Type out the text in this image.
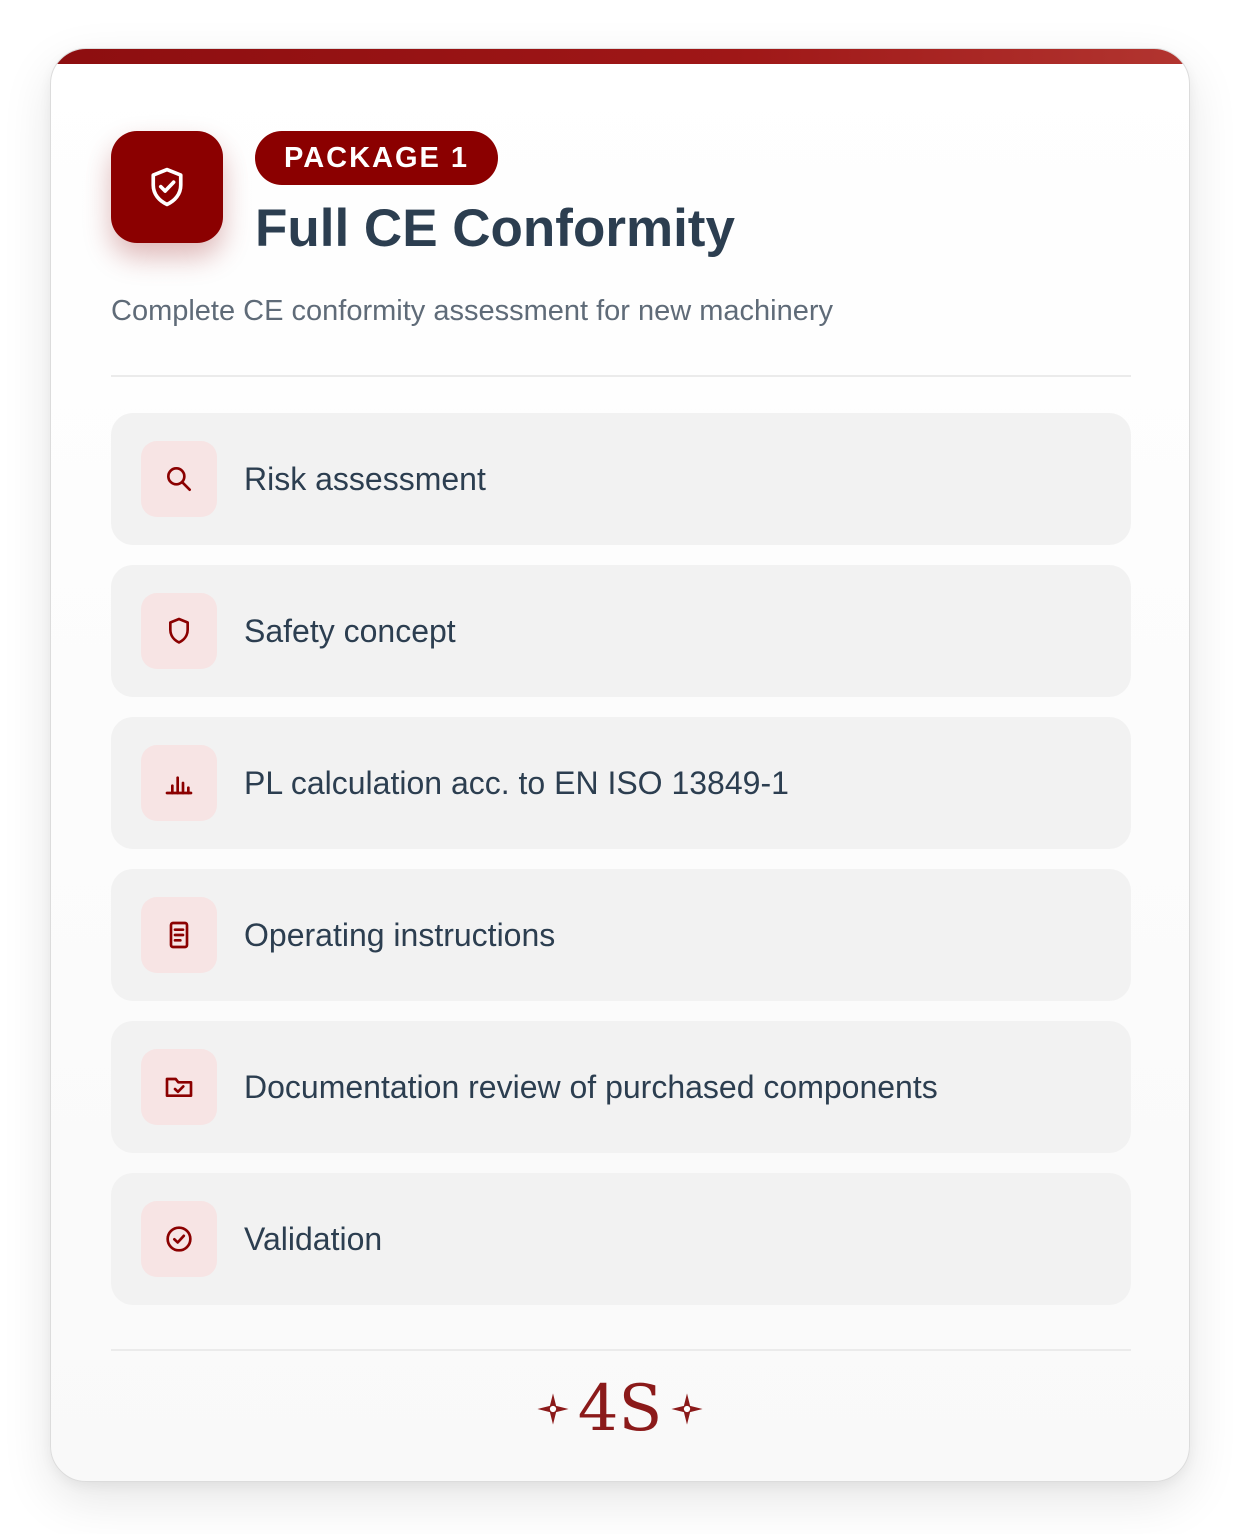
PACKAGE 1
Full CE Conformity

Complete CE conformity assessment for new machinery

Risk assessment
Safety concept
PL calculation acc. to EN ISO 13849-1
Operating instructions
Documentation review of purchased components
Validation
4S
